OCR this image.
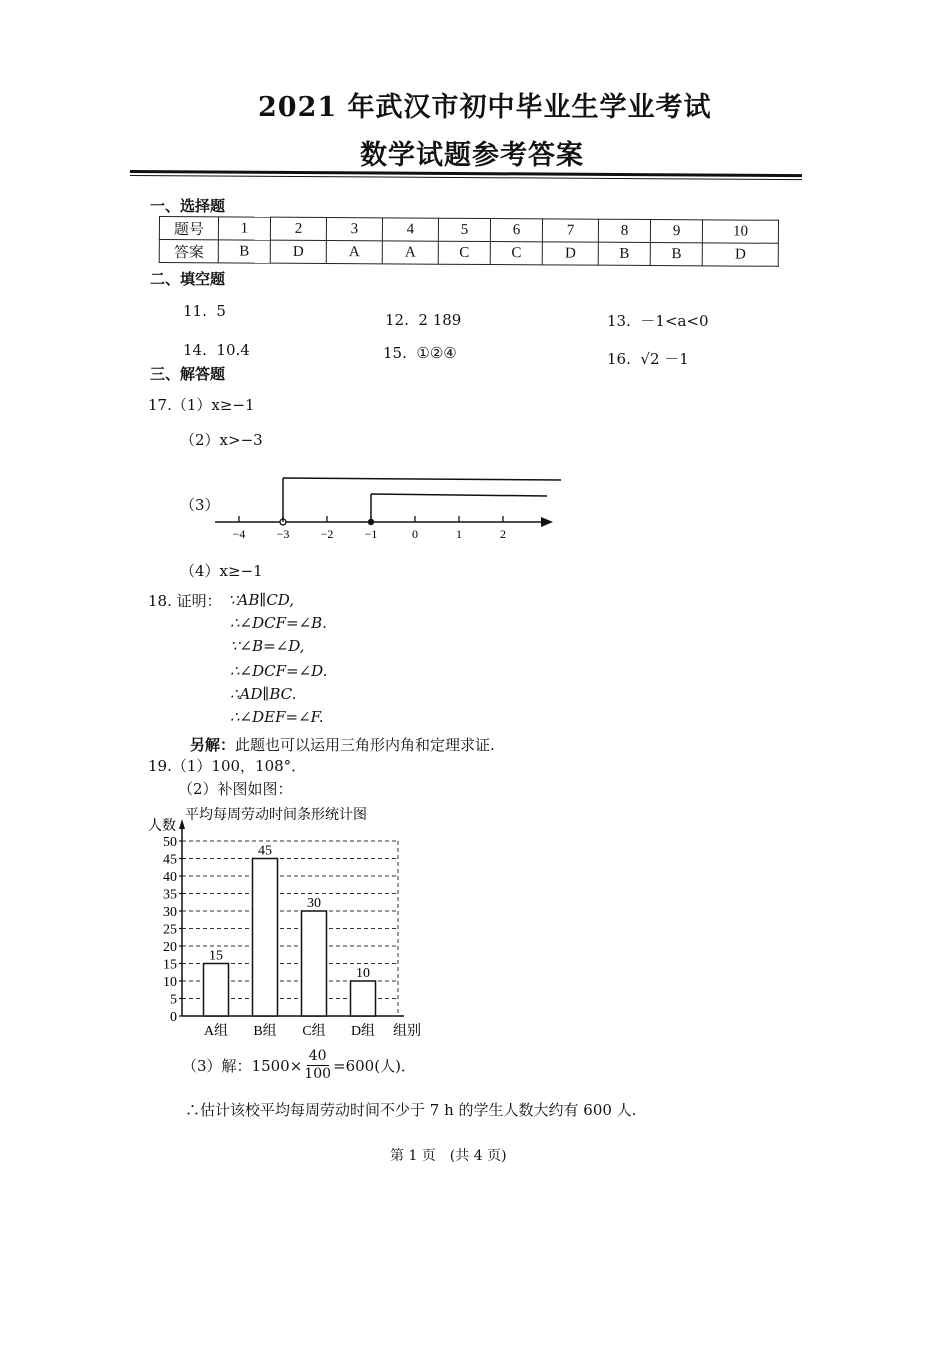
2021 年武汉市初中毕业生学业考试
数学试题参考答案
一、选择题
题号	1	2	3	4	5	6	7	8	9	10
答案	B	D	A	A	C	C	D	B	B	D
二、填空题
11. 5	12. 2 189	13. －1<a<0
14. 10.4	15. ①②④	16. √2 －1
三、解答题
17.（1）x≥−1
（2）x>−3
（3）
−4	−3	−2	−1	0	1	2
（4）x≥−1
18. 证明： ∵AB∥CD,
∴∠DCF=∠B.
∵∠B=∠D,
∴∠DCF=∠D.
∴AD∥BC.
∴∠DEF=∠F.
另解：此题也可以运用三角形内角和定理求证.
19.（1）100，108°．
（2）补图如图：
平均每周劳动时间条形统计图
人数
组别
0
5
10
15
20
25
30
35
40
45
50
15
A组
45
B组
30
C组
10
D组
（3）解：$1500\times \frac{40}{100} =600$(人)．
∴估计该校平均每周劳动时间不少于 7 h 的学生人数大约有 600 人.
第 1 页　(共 4 页)
